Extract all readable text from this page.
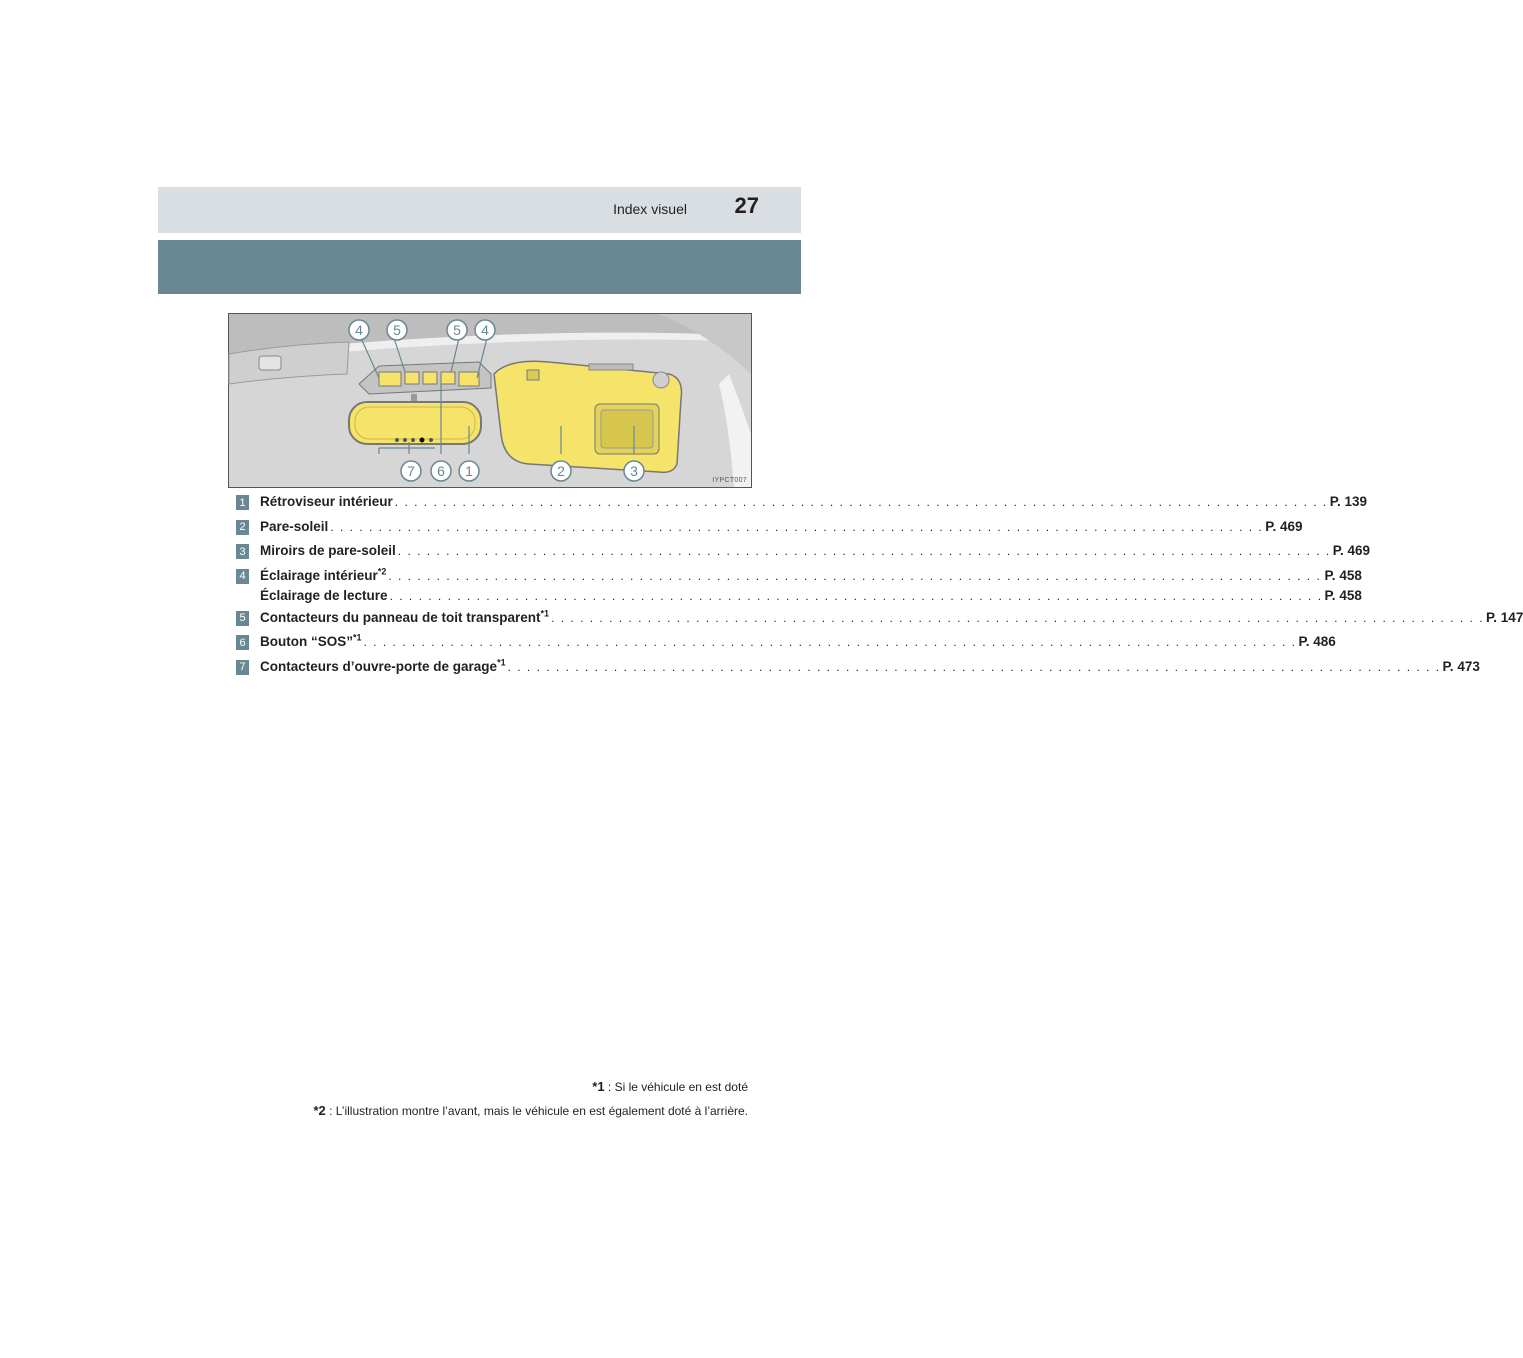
Index visuel 27
4 5	5 4
7 6 1	2	3
IYPCT007
1 Rétroviseur intérieur . . .	P. 139
2 Pare-soleil . . .	P. 469
3 Miroirs de pare-soleil . . .	P. 469
4 Éclairage intérieur$^{*2}$ . . .	P. 458
Éclairage de lecture . . .	P. 458
5 Contacteurs du panneau de toit transparent$^{*1}$ . . .	P. 147
6 Bouton “SOS”$^{*1}$ . . .	P. 486
7 Contacteurs d’ouvre-porte de garage$^{*1}$ . . .	P. 473
*1 : Si le véhicule en est doté
*2 : L’illustration montre l’avant, mais le véhicule en est également doté à l’arrière.
